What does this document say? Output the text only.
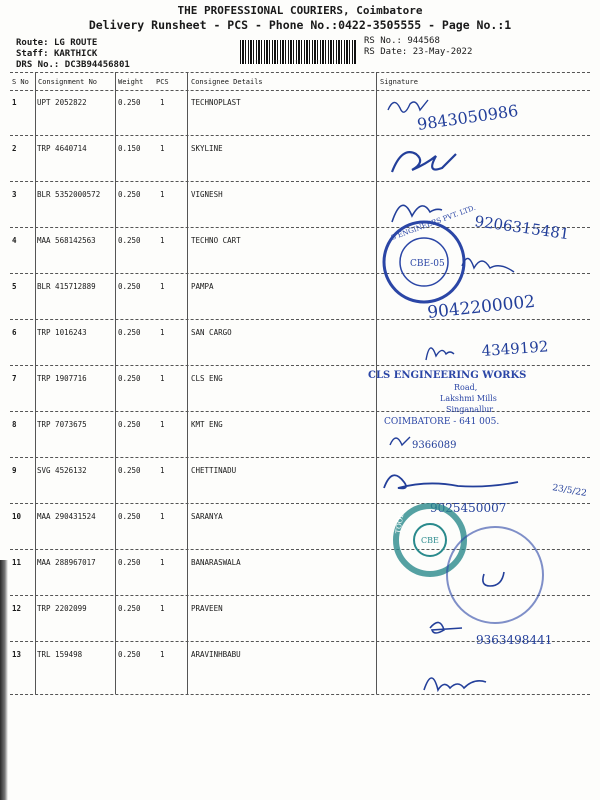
THE PROFESSIONAL COURIERS, Coimbatore
Delivery Runsheet - PCS - Phone No.:0422-3505555 - Page No.:1
Route: LG ROUTE
Staff: KARTHICK
DRS No.: DC3B94456801
RS No.: 944568
RS Date: 23-May-2022
S No Consignment No	Weight PCS	Consignee Details	Signature
1	UPT 2052822	0.250	1	TECHNOPLAST
2	TRP 4640714	0.150	1	SKYLINE
3	BLR 5352000572 0.250	1	VIGNESH
4	MAA 568142563	0.250	1	TECHNO CART
5	BLR 415712889	0.250	1	PAMPA
6	TRP 1016243	0.250	1	SAN CARGO
7	TRP 1907716	0.250	1	CLS ENG
8	TRP 7073675	0.250	1	KMT ENG
9	SVG 4526132	0.250	1	CHETTINADU
10 MAA 290431524	0.250	1	SARANYA
11 MAA 288967017	0.250	1	BANARASWALA
12 TRP 2202099	0.250	1	PRAVEEN
13 TRL 159498	0.250	1	ARAVINHBABU
9843050986
9206315481
S ENGINEERS PVT. LTD.
CBE-05
9042200002
4349192
CLS ENGINEERING WORKS
Road,
Lakshmi Mills
Singanallur
COIMBATORE - 641 005.
9366089
23/5/22
9025450007
TOOLS
CBE
9363498441
